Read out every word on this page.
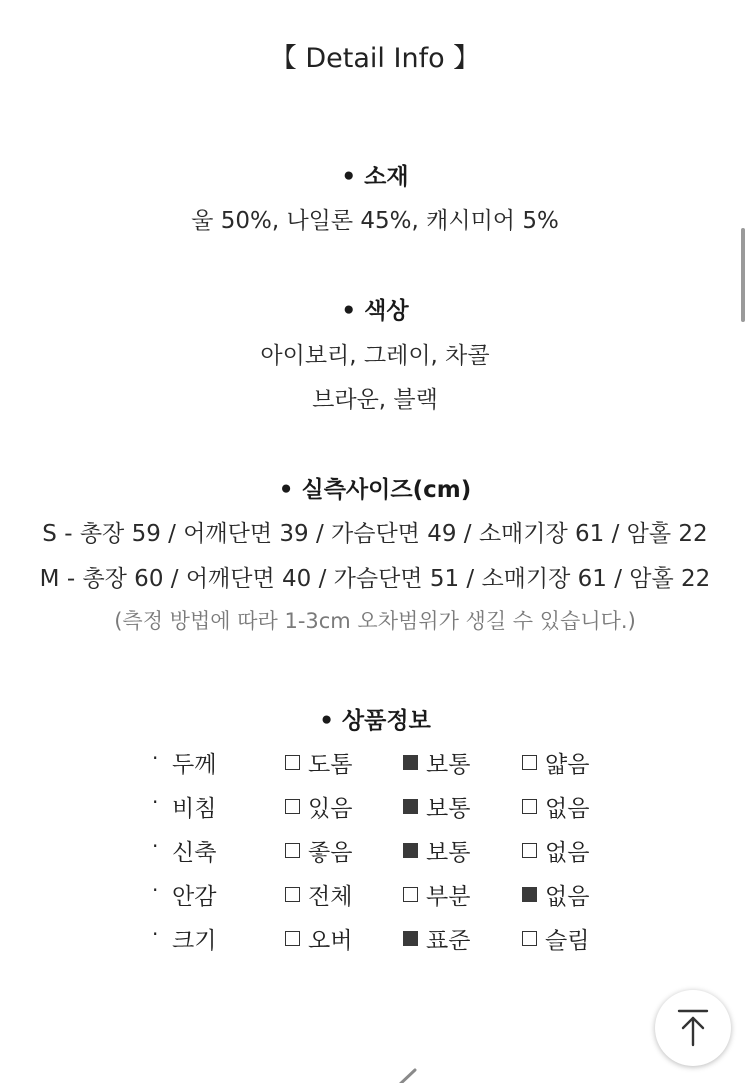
【 Detail Info 】
• 소재
울 50%, 나일론 45%, 캐시미어 5%
• 색상
아이보리, 그레이, 차콜
브라운, 블랙
• 실측사이즈(cm)
S - 총장 59 / 어깨단면 39 / 가슴단면 49 / 소매기장 61 / 암홀 22
M - 총장 60 / 어깨단면 40 / 가슴단면 51 / 소매기장 61 / 암홀 22
(측정 방법에 따라 1-3cm 오차범위가 생길 수 있습니다.)
• 상품정보
· 두께	도톰	보통	얇음
· 비침	있음	보통	없음
· 신축	좋음	보통	없음
· 안감	전체	부분	없음
· 크기	오버	표준	슬림
